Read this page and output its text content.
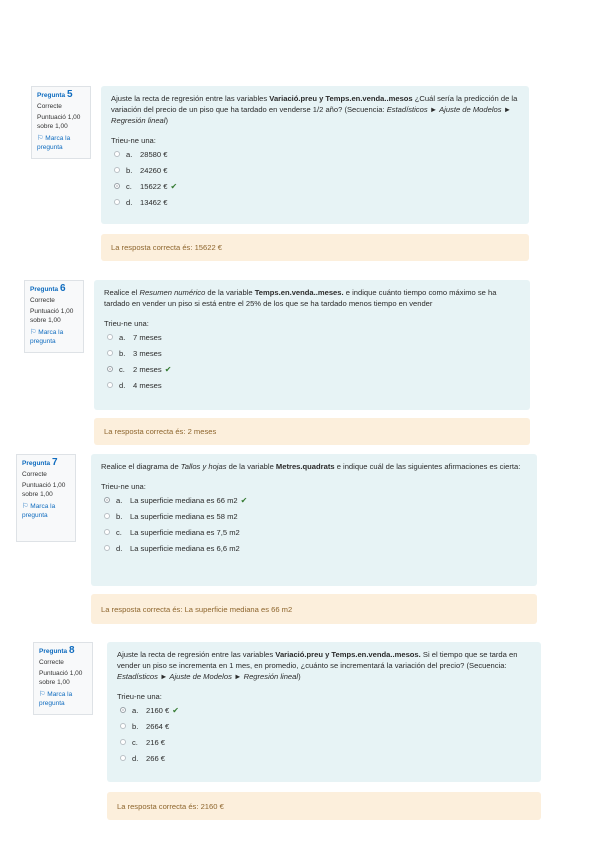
Pregunta 5
Correcte
Puntuació 1,00 sobre 1,00
⚐ Marca la pregunta

Ajuste la recta de regresión entre las variables Variació.preu y Temps.en.venda..mesos ¿Cuál sería la predicción de la variación del precio de un piso que ha tardado en venderse 1/2 año? (Secuencia: Estadísticos ► Ajuste de Modelos ► Regresión lineal)

Trieu-ne una:
a.	28580 €
b.	24260 €
c.	15622 € ✔
d.	13462 €
La resposta correcta és: 15622 €
Pregunta 6
Correcte
Puntuació 1,00 sobre 1,00
⚐ Marca la pregunta

Realice el Resumen numérico de la variable Temps.en.venda..meses. e indique cuánto tiempo como máximo se ha tardado en vender un piso si está entre el 25% de los que se ha tardado menos tiempo en vender

Trieu-ne una:
a.	7 meses
b.	3 meses
c.	2 meses ✔
d.	4 meses
La resposta correcta és: 2 meses
Pregunta 7
Correcte
Puntuació 1,00 sobre 1,00
⚐ Marca la pregunta

Realice el diagrama de Tallos y hojas de la variable Metres.quadrats e indique cuál de las siguientes afirmaciones es cierta:

Trieu-ne una:
a.	La superficie mediana es 66 m2 ✔
b.	La superficie mediana es 58 m2
c.	La superficie mediana es 7,5 m2
d.	La superficie mediana es 6,6 m2
La resposta correcta és: La superficie mediana es 66 m2
Pregunta 8
Correcte
Puntuació 1,00 sobre 1,00
⚐ Marca la pregunta

Ajuste la recta de regresión entre las variables Variació.preu y Temps.en.venda..mesos. Si el tiempo que se tarda en vender un piso se incrementa en 1 mes, en promedio, ¿cuánto se incrementará la variación del precio? (Secuencia: Estadísticos ► Ajuste de Modelos ► Regresión lineal)

Trieu-ne una:
a.	2160 € ✔
b.	2664 €
c.	216 €
d.	266 €
La resposta correcta és: 2160 €
